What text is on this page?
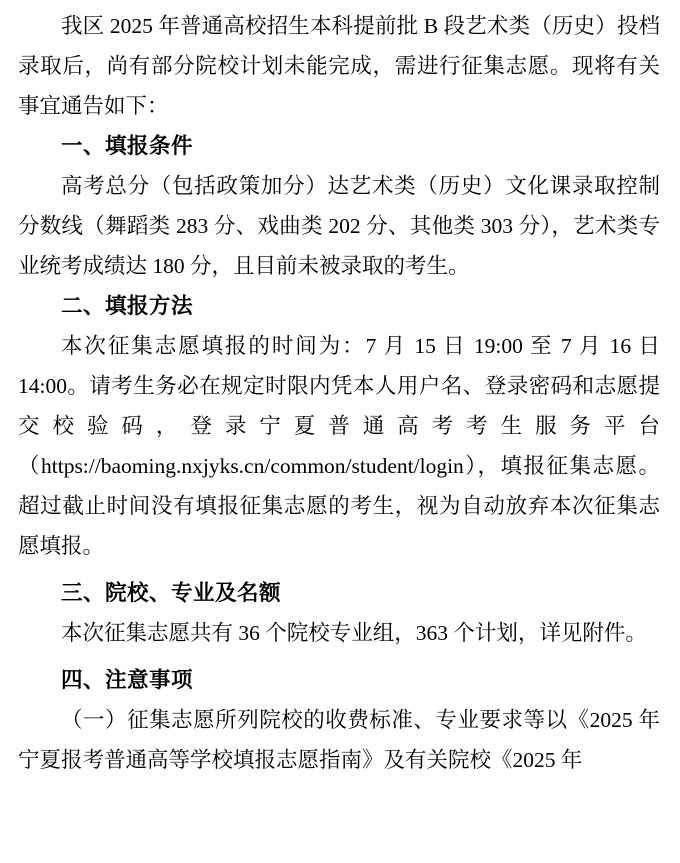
我区 2025 年普通高校招生本科提前批 B 段艺术类（历史）投档录取后，尚有部分院校计划未能完成，需进行征集志愿。现将有关事宜通告如下：

一、填报条件

高考总分（包括政策加分）达艺术类（历史）文化课录取控制分数线（舞蹈类 283 分、戏曲类 202 分、其他类 303 分），艺术类专业统考成绩达 180 分，且目前未被录取的考生。

二、填报方法

本次征集志愿填报的时间为：7 月 15 日 19:00 至 7 月 16 日 14:00。请考生务必在规定时限内凭本人用户名、登录密码和志愿提交校验码，登录宁夏普通高考考生服务平台（https://baoming.nxjyks.cn/common/student/login），填报征集志愿。超过截止时间没有填报征集志愿的考生，视为自动放弃本次征集志愿填报。

三、院校、专业及名额

本次征集志愿共有 36 个院校专业组，363 个计划，详见附件。

四、注意事项

（一）征集志愿所列院校的收费标准、专业要求等以《2025 年宁夏报考普通高等学校填报志愿指南》及有关院校《2025 年
